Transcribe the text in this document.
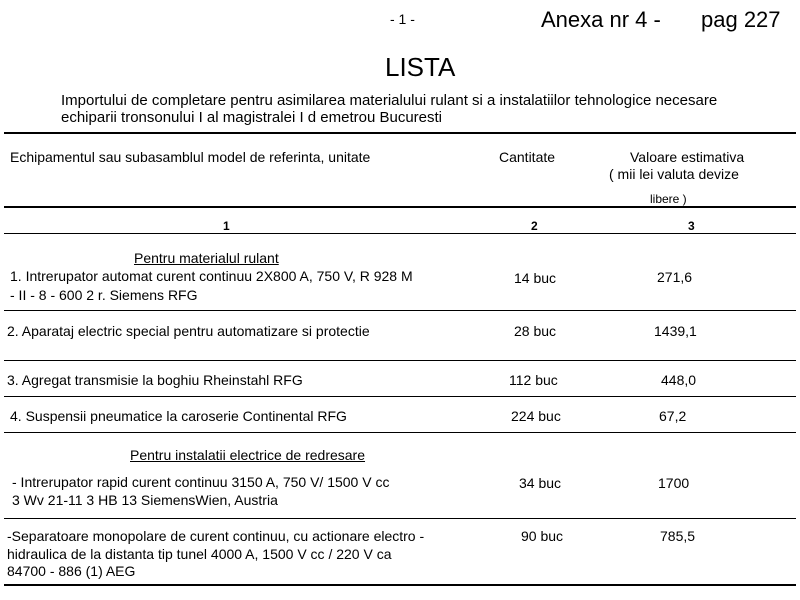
- 1 -	Anexa nr 4 - pag 227
LISTA
Importului de completare pentru asimilarea materialului rulant si a instalatiilor tehnologice necesare
echiparii tronsonului I al magistralei I d emetrou Bucuresti
Echipamentul sau subasamblul model de referinta, unitate	Cantitate	Valoare estimativa
( mii lei valuta devize
libere )
1	2	3
Pentru materialul rulant
1. Intrerupator automat curent continuu 2X800 A, 750 V, R 928 M
- II - 8 - 600 2 r. Siemens RFG
14 buc	271,6
2. Aparataj electric special pentru automatizare si protectie	28 buc	1439,1
3. Agregat transmisie la boghiu Rheinstahl RFG	112 buc	448,0
4. Suspensii pneumatice la caroserie Continental RFG	224 buc	67,2
Pentru instalatii electrice de redresare
- Intrerupator rapid curent continuu 3150 A, 750 V/ 1500 V cc
3 Wv 21-11 3 HB 13 SiemensWien, Austria
34 buc	1700
-Separatoare monopolare de curent continuu, cu actionare electro -
hidraulica de la distanta tip tunel 4000 A, 1500 V cc / 220 V ca
84700 - 886 (1) AEG
90 buc	785,5
